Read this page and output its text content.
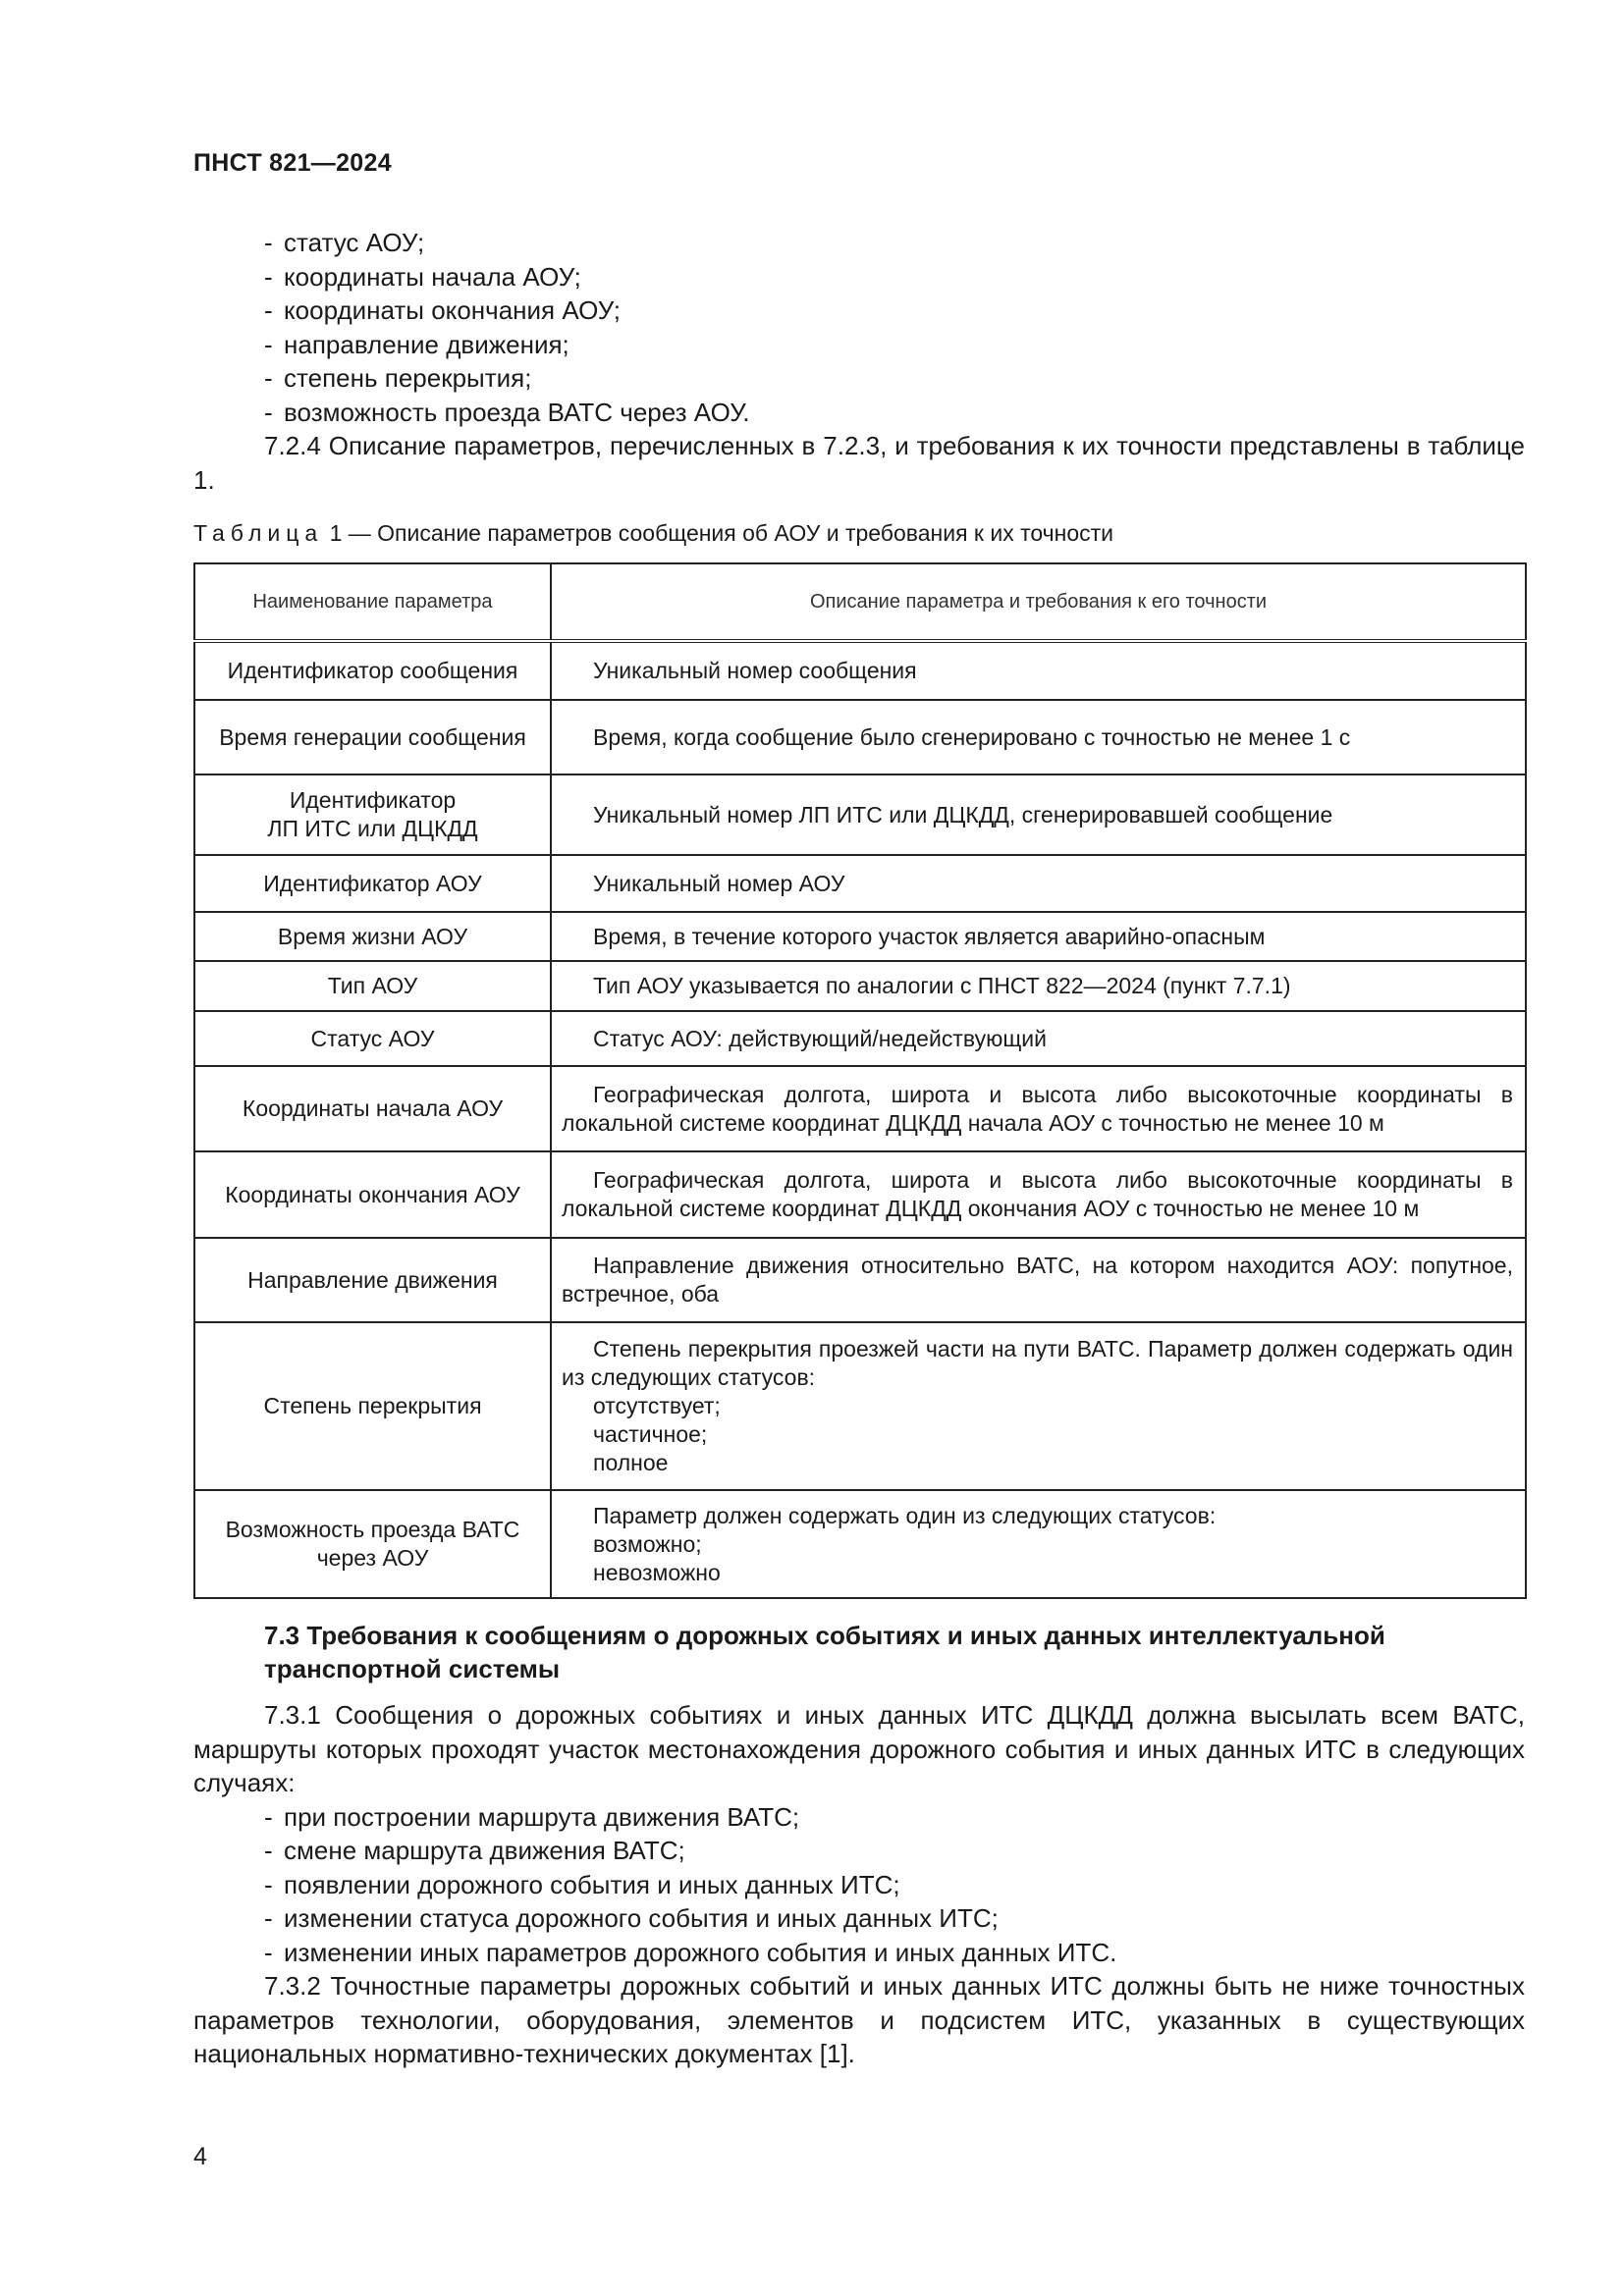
ПНСТ 821—2024

- статус АОУ;

- координаты начала АОУ;

- координаты окончания АОУ;

- направление движения;

- степень перекрытия;

- возможность проезда ВАТС через АОУ.

7.2.4 Описание параметров, перечисленных в 7.2.3, и требования к их точности представлены в таблице 1.

Таблица 1 — Описание параметров сообщения об АОУ и требования к их точности
Наименование параметра	Описание параметра и требования к его точности
Идентификатор сообщения	Уникальный номер сообщения

Время генерации сообщения	Время, когда сообщение было сгенерировано с точностью не менее 1 с

Идентификатор
ЛП ИТС или ДЦКДД	Уникальный номер ЛП ИТС или ДЦКДД, сгенерировавшей сообщение

Идентификатор АОУ	Уникальный номер АОУ

Время жизни АОУ	Время, в течение которого участок является аварийно-опасным

Тип АОУ	Тип АОУ указывается по аналогии с ПНСТ 822—2024 (пункт 7.7.1)

Статус АОУ	Статус АОУ: действующий/недействующий

Координаты начала АОУ	Географическая долгота, широта и высота либо высокоточные координаты в локальной системе координат ДЦКДД начала АОУ с точностью не менее 10 м

Координаты окончания АОУ	Географическая долгота, широта и высота либо высокоточные координаты в локальной системе координат ДЦКДД окончания АОУ с точностью не менее 10 м

Направление движения	Направление движения относительно ВАТС, на котором находится АОУ: попутное, встречное, оба

Степень перекрытия	Степень перекрытия проезжей части на пути ВАТС. Параметр должен содержать один из следующих статусов:
отсутствует;
частичное;
полное

Возможность проезда ВАТС
через АОУ	Параметр должен содержать один из следующих статусов:
возможно;
невозможно
7.3 Требования к сообщениям о дорожных событиях и иных данных интеллектуальной транспортной системы

7.3.1 Сообщения о дорожных событиях и иных данных ИТС ДЦКДД должна высылать всем ВАТС, маршруты которых проходят участок местонахождения дорожного события и иных данных ИТС в следующих случаях:

- при построении маршрута движения ВАТС;

- смене маршрута движения ВАТС;

- появлении дорожного события и иных данных ИТС;

- изменении статуса дорожного события и иных данных ИТС;

- изменении иных параметров дорожного события и иных данных ИТС.

7.3.2 Точностные параметры дорожных событий и иных данных ИТС должны быть не ниже точностных параметров технологии, оборудования, элементов и подсистем ИТС, указанных в существующих национальных нормативно-технических документах [1].

4
